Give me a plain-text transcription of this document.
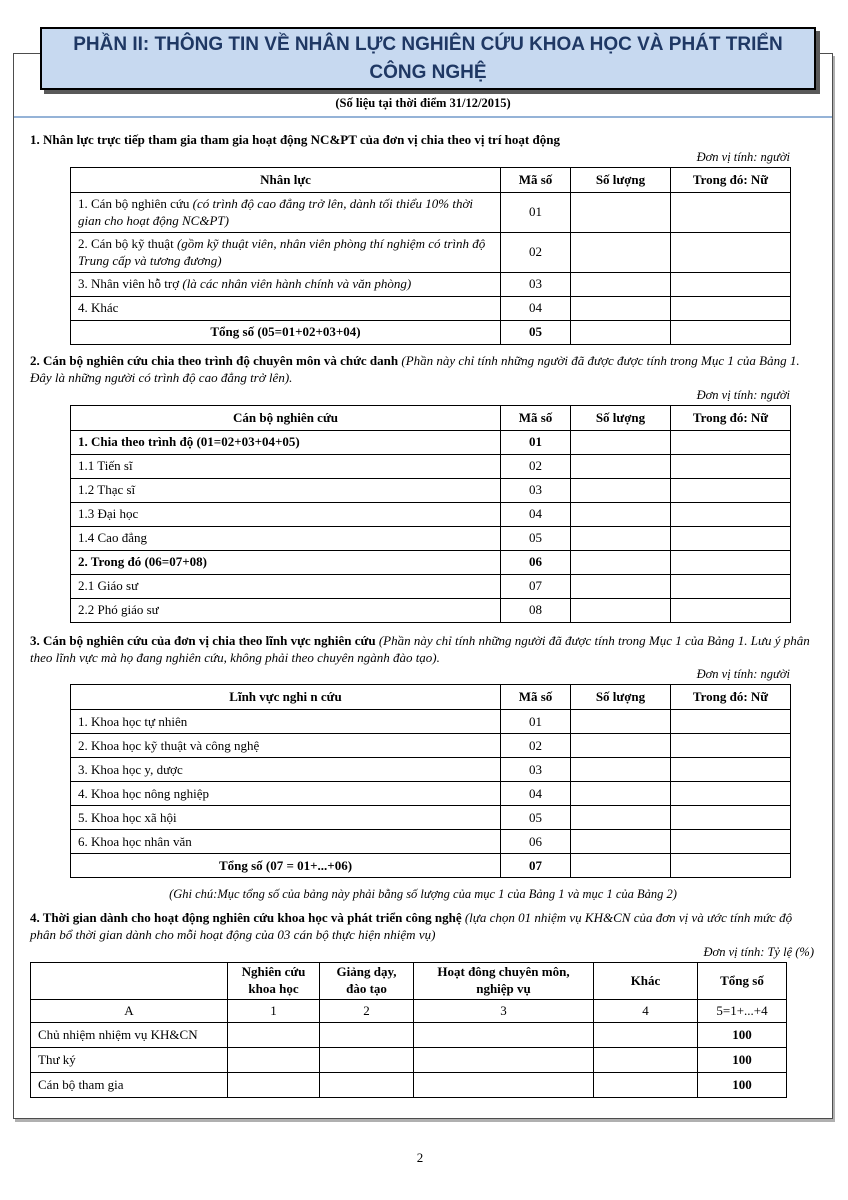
PHẦN II: THÔNG TIN VỀ NHÂN LỰC NGHIÊN CỨU KHOA HỌC VÀ PHÁT TRIỂN CÔNG NGHỆ
(Số liệu tại thời điểm 31/12/2015)
1. Nhân lực trực tiếp tham gia tham gia hoạt động NC&PT của đơn vị chia theo vị trí hoạt động
Đơn vị tính: người
Nhân lực	Mã số	Số lượng	Trong đó: Nữ
1. Cán bộ nghiên cứu (có trình độ cao đẳng trở lên, dành tối thiểu 10% thời gian cho hoạt động NC&PT)	01		
2. Cán bộ kỹ thuật (gồm kỹ thuật viên, nhân viên phòng thí nghiệm có trình độ Trung cấp và tương đương)	02		
3. Nhân viên hỗ trợ (là các nhân viên hành chính và văn phòng)	03		
4. Khác	04		
Tổng số (05=01+02+03+04)	05		
2. Cán bộ nghiên cứu chia theo trình độ chuyên môn và chức danh (Phần này chỉ tính những người đã được được tính trong Mục 1 của Bảng 1. Đây là những người có trình độ cao đẳng trở lên).
Đơn vị tính: người
Cán bộ nghiên cứu	Mã số	Số lượng	Trong đó: Nữ
1. Chia theo trình độ (01=02+03+04+05)	01		
1.1 Tiến sĩ	02		
1.2 Thạc sĩ	03		
1.3 Đại học	04		
1.4 Cao đẳng	05		
2. Trong đó (06=07+08)	06		
2.1 Giáo sư	07		
2.2 Phó giáo sư	08		
3. Cán bộ nghiên cứu của đơn vị chia theo lĩnh vực nghiên cứu (Phần này chỉ tính những người đã được tính trong Mục 1 của Bảng 1. Lưu ý phân theo lĩnh vực mà họ đang nghiên cứu, không phải theo chuyên ngành đào tạo).
Đơn vị tính: người
Lĩnh vực nghi n cứu	Mã số	Số lượng	Trong đó: Nữ
1. Khoa học tự nhiên	01		
2. Khoa học kỹ thuật và công nghệ	02		
3. Khoa học y, dược	03		
4. Khoa học nông nghiệp	04		
5. Khoa học xã hội	05		
6. Khoa học nhân văn	06		
Tổng số (07 = 01+...+06)	07		
(Ghi chú:Mục tổng số của bảng này phải bằng số lượng của mục 1 của Bảng 1 và mục 1 của Bảng 2)
4. Thời gian dành cho hoạt động nghiên cứu khoa học và phát triển công nghệ (lựa chọn 01 nhiệm vụ KH&CN của đơn vị và ước tính mức độ phân bổ thời gian dành cho mỗi hoạt động của 03 cán bộ thực hiện nhiệm vụ)
Đơn vị tính: Tỷ lệ (%)
	Nghiên cứu khoa học	Giảng dạy, đào tạo	Hoạt đông chuyên môn, nghiệp vụ	Khác	Tổng số
A	1	2	3	4	5=1+...+4
Chủ nhiệm nhiệm vụ KH&CN					100
Thư ký					100
Cán bộ tham gia					100
2
